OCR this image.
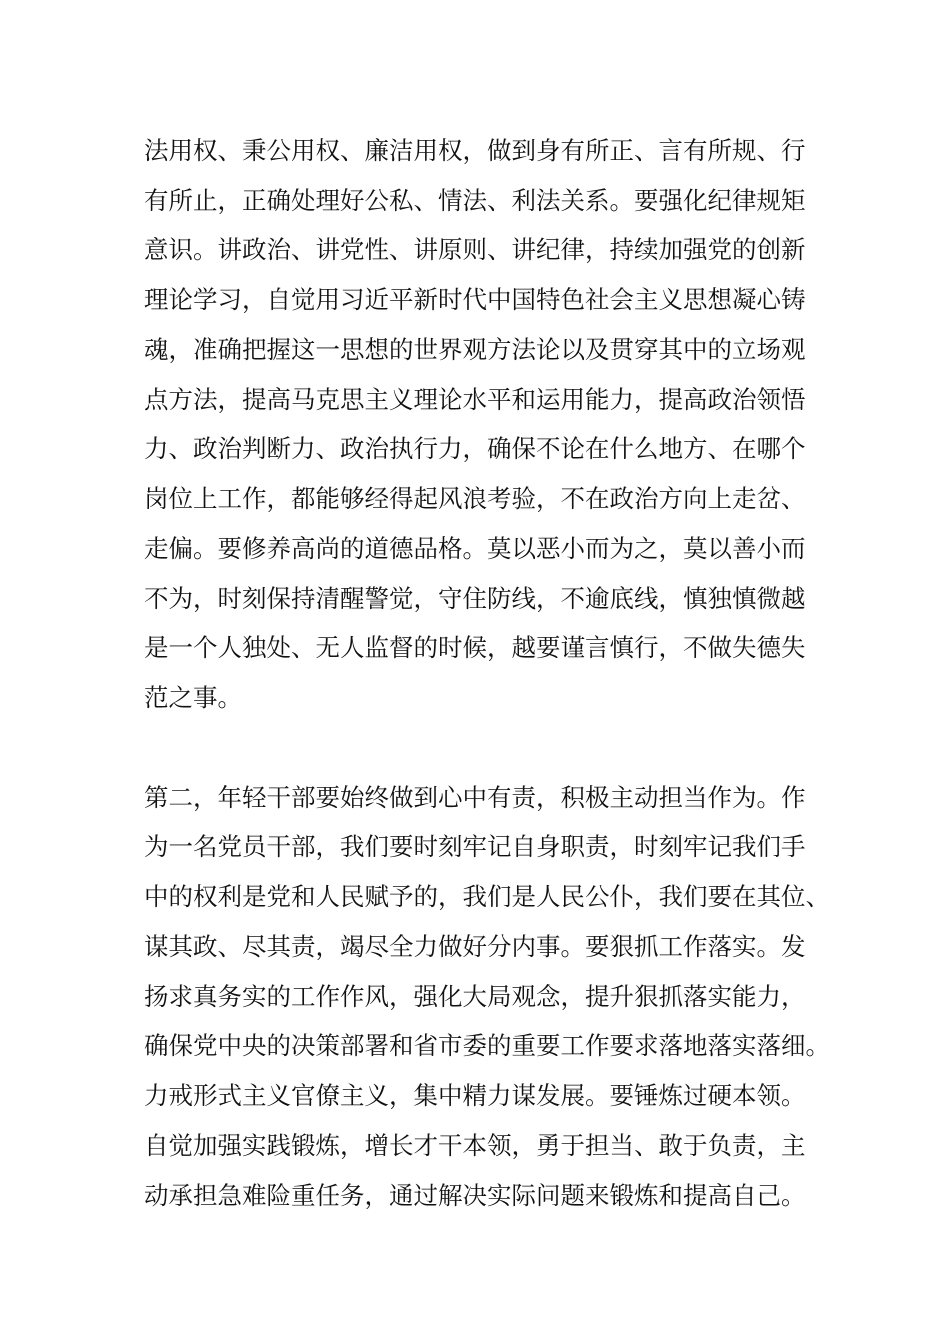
法用权、秉公用权、廉洁用权，做到身有所正、言有所规、行
有所止，正确处理好公私、情法、利法关系。要强化纪律规矩
意识。讲政治、讲党性、讲原则、讲纪律，持续加强党的创新
理论学习，自觉用习近平新时代中国特色社会主义思想凝心铸
魂，准确把握这一思想的世界观方法论以及贯穿其中的立场观
点方法，提高马克思主义理论水平和运用能力，提高政治领悟
力、政治判断力、政治执行力，确保不论在什么地方、在哪个
岗位上工作，都能够经得起风浪考验，不在政治方向上走岔、
走偏。要修养高尚的道德品格。莫以恶小而为之，莫以善小而
不为，时刻保持清醒警觉，守住防线，不逾底线，慎独慎微越
是一个人独处、无人监督的时候，越要谨言慎行，不做失德失
范之事。
第二，年轻干部要始终做到心中有责，积极主动担当作为。作
为一名党员干部，我们要时刻牢记自身职责，时刻牢记我们手
中的权利是党和人民赋予的，我们是人民公仆，我们要在其位、
谋其政、尽其责，竭尽全力做好分内事。要狠抓工作落实。发
扬求真务实的工作作风，强化大局观念，提升狠抓落实能力，
确保党中央的决策部署和省市委的重要工作要求落地落实落细。
力戒形式主义官僚主义，集中精力谋发展。要锤炼过硬本领。
自觉加强实践锻炼，增长才干本领，勇于担当、敢于负责，主
动承担急难险重任务，通过解决实际问题来锻炼和提高自己。
